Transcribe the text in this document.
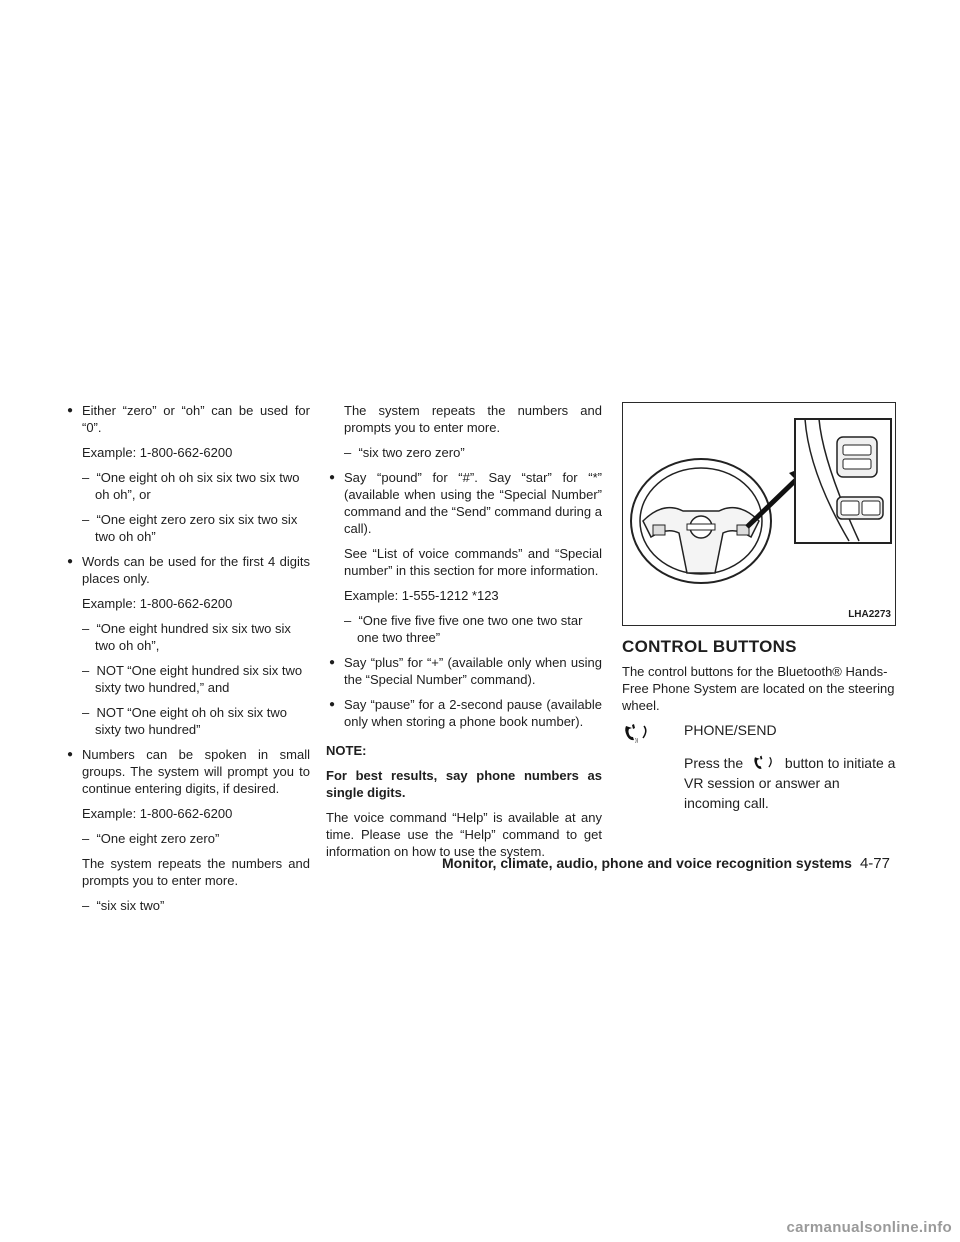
● Either “zero” or “oh” can be used for “0”.

Example: 1-800-662-6200

–  “One eight oh oh six six two six two oh oh”, or

–  “One eight zero zero six six two six two oh oh”

● Words can be used for the first 4 digits places only.

Example: 1-800-662-6200

–  “One eight hundred six six two six two oh oh”,

–  NOT “One eight hundred six six two sixty two hundred,” and

–  NOT “One eight oh oh six six two sixty two hundred”

● Numbers can be spoken in small groups. The system will prompt you to continue entering digits, if desired.

Example: 1-800-662-6200

–  “One eight zero zero”

The system repeats the numbers and prompts you to enter more.

–  “six six two”

The system repeats the numbers and prompts you to enter more.

–  “six two zero zero”

● Say “pound” for “#”. Say “star” for “*” (available when using the “Special Number” command and the “Send” command during a call).

See “List of voice commands” and “Special number” in this section for more information.

Example: 1-555-1212 *123

–  “One five five five one two one two star one two three”

● Say “plus” for “+” (available only when using the “Special Number” command).

● Say “pause” for a 2-second pause (available only when storing a phone book number).

NOTE:

For best results, say phone numbers as single digits.

The voice command “Help” is available at any time. Please use the “Help” command to get information on how to use the system.

LHA2273
CONTROL BUTTONS

The control buttons for the Bluetooth® Hands-Free Phone System are located on the steering wheel.

))

PHONE/SEND

Press the	button to initiate a VR session or answer an incoming call.

Monitor, climate, audio, phone and voice recognition systems 4-77
carmanualsonline.info
